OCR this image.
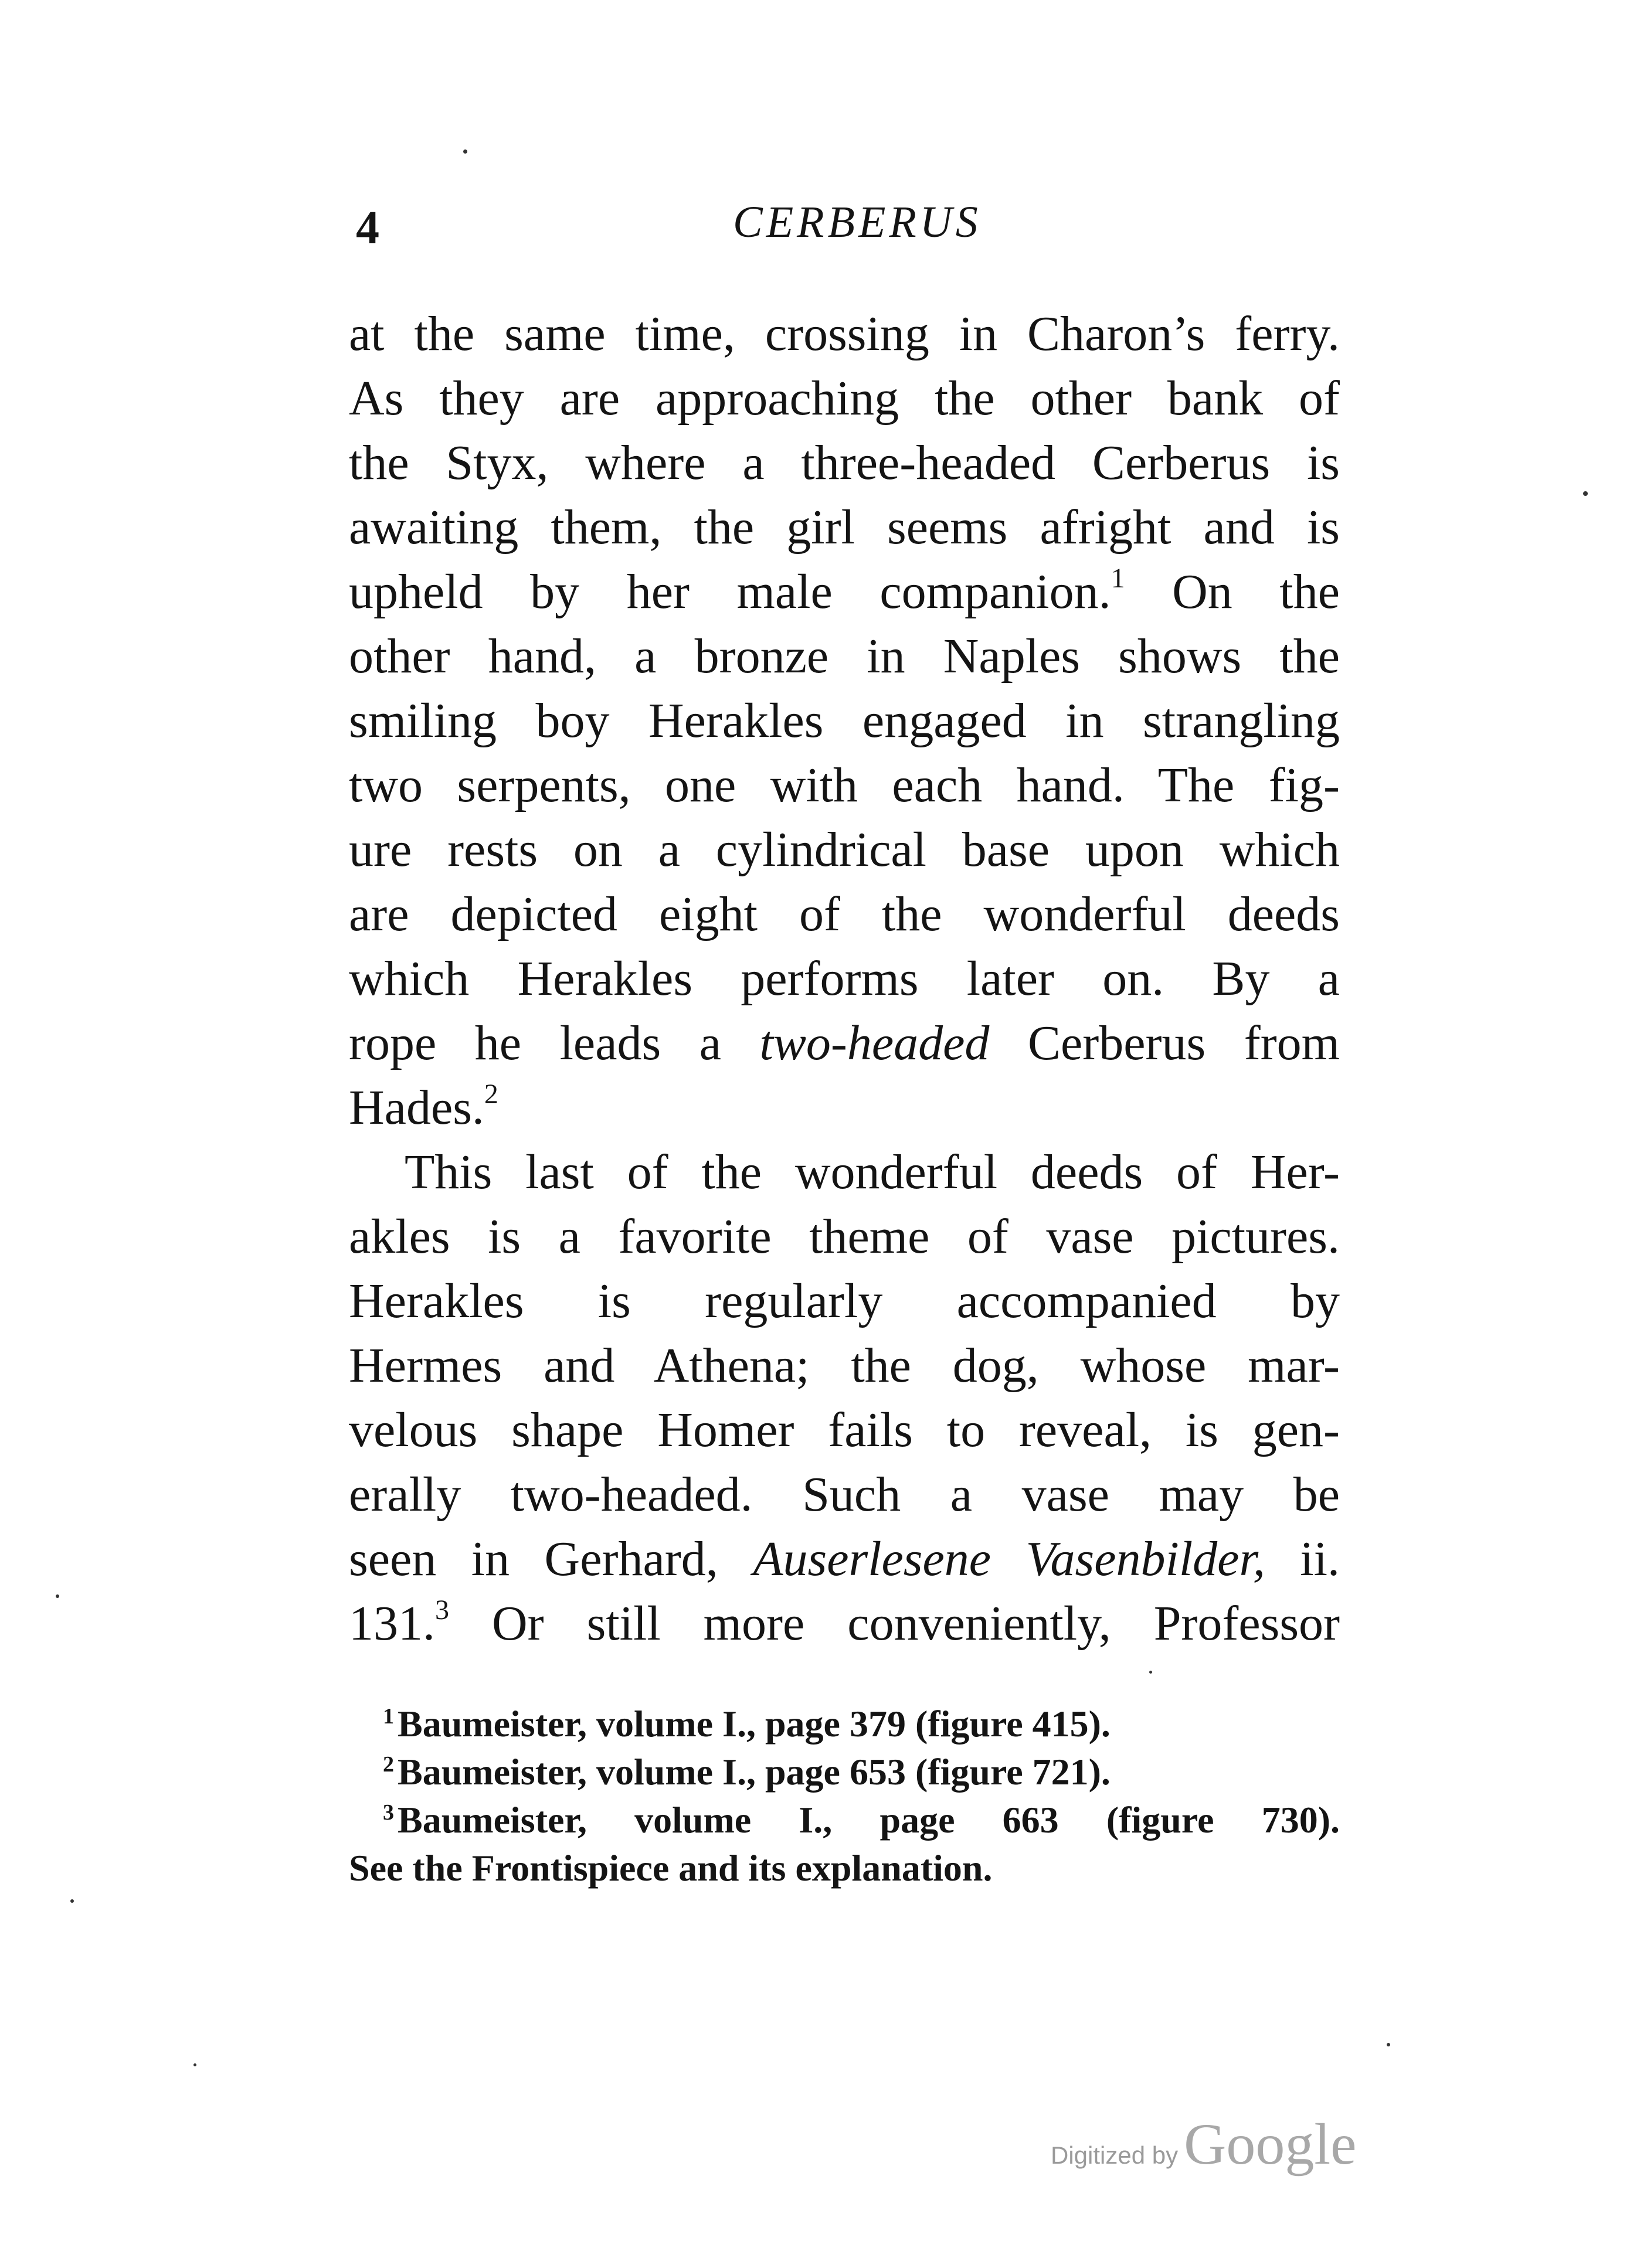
4	CERBERUS
at the same time, crossing in Charon’s ferry.
As they are approaching the other bank of
the Styx, where a three-headed Cerberus is
awaiting them, the girl seems afright and is
upheld by her male companion.$^1$ On the
other hand, a bronze in Naples shows the
smiling boy Herakles engaged in strangling
two serpents, one with each hand. The fig-
ure rests on a cylindrical base upon which
are depicted eight of the wonderful deeds
which Herakles performs later on. By a
rope he leads a two-headed Cerberus from
Hades.$^2$
This last of the wonderful deeds of Her-
akles is a favorite theme of vase pictures.
Herakles is regularly accompanied by
Hermes and Athena; the dog, whose mar-
velous shape Homer fails to reveal, is gen-
erally two-headed. Such a vase may be
seen in Gerhard, Auserlesene Vasenbilder, ii.
131.$^3$ Or still more conveniently, Professor
$^1$Baumeister, volume I., page 379 (figure 415).
$^2$Baumeister, volume I., page 653 (figure 721).
$^3$Baumeister, volume I., page 663 (figure 730).
See the Frontispiece and its explanation.
Digitized by Google
